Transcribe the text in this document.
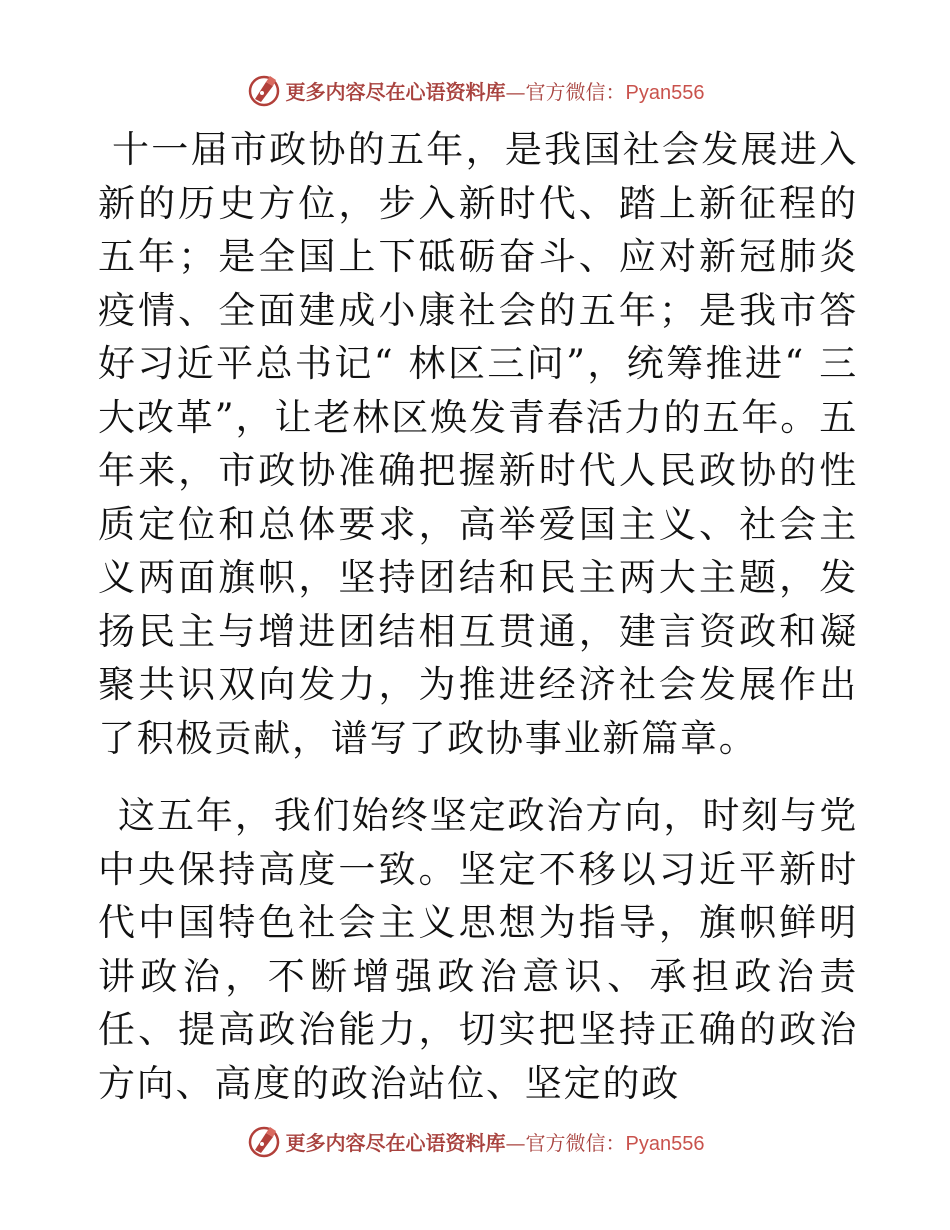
更多内容尽在心语资料库—官方微信：Pyan556

十一届市政协的五年，是我国社会发展进入新的历史方位，步入新时代、踏上新征程的五年；是全国上下砥砺奋斗、应对新冠肺炎疫情、全面建成小康社会的五年；是我市答好习近平总书记“ 林区三问”，统筹推进“ 三大改革”，让老林区焕发青春活力的五年。五年来，市政协准确把握新时代人民政协的性质定位和总体要求，高举爱国主义、社会主义两面旗帜，坚持团结和民主两大主题，发扬民主与增进团结相互贯通，建言资政和凝聚共识双向发力，为推进经济社会发展作出了积极贡献，谱写了政协事业新篇章。

这五年，我们始终坚定政治方向，时刻与党中央保持高度一致。坚定不移以习近平新时代中国特色社会主义思想为指导，旗帜鲜明讲政治，不断增强政治意识、承担政治责任、提高政治能力，切实把坚持正确的政治方向、高度的政治站位、坚定的政

更多内容尽在心语资料库—官方微信：Pyan556
